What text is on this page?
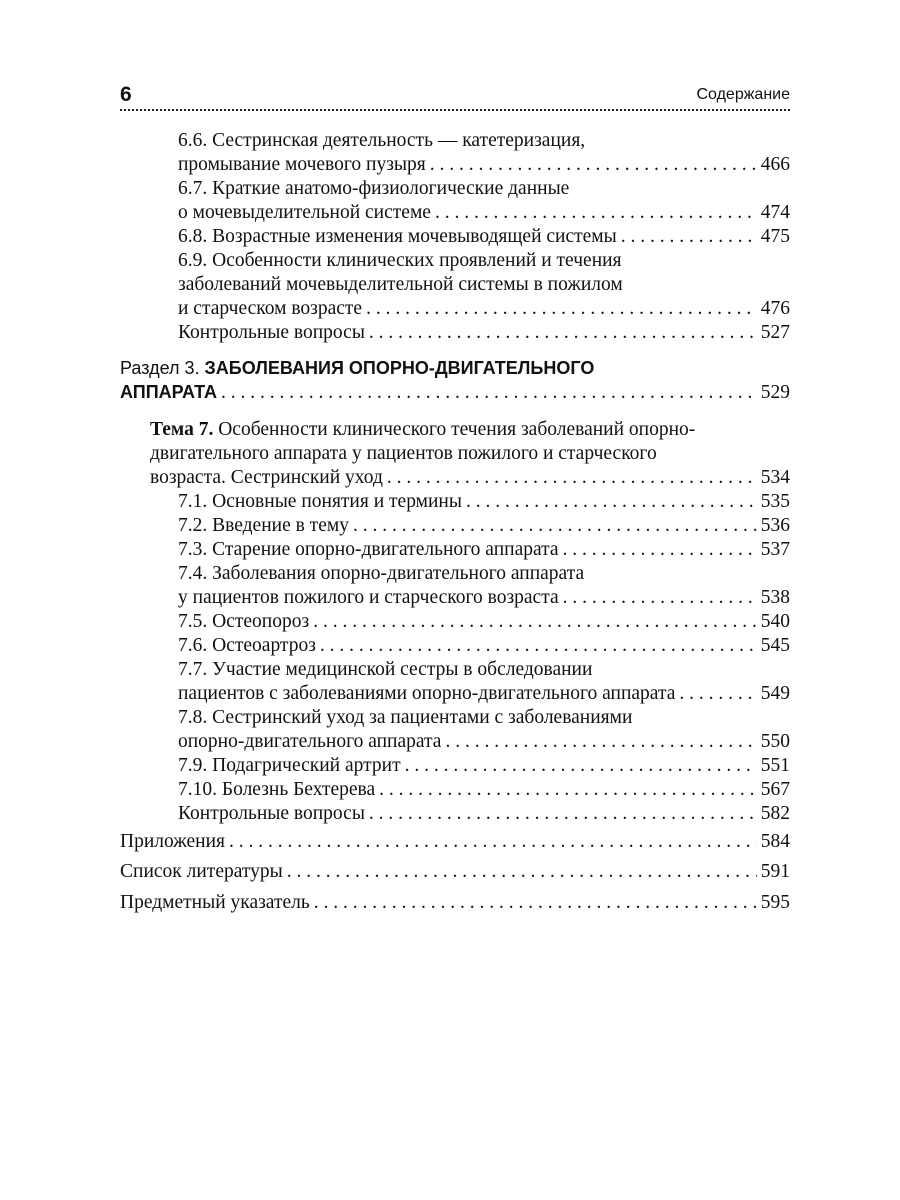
6	Содержание
6.6. Сестринская деятельность — катетеризация,
промывание мочевого пузыря . . .	466
6.7. Краткие анатомо-физиологические данные
о мочевыделительной системе . . .	474
6.8. Возрастные изменения мочевыводящей системы . . .	475
6.9. Особенности клинических проявлений и течения
заболеваний мочевыделительной системы в пожилом
и старческом возрасте . . .	476
Контрольные вопросы . . .	527
Раздел 3. ЗАБОЛЕВАНИЯ ОПОРНО-ДВИГАТЕЛЬНОГО
АППАРАТА . . .	529
Тема 7. Особенности клинического течения заболеваний опорно-
двигательного аппарата у пациентов пожилого и старческого
возраста. Сестринский уход . . .	534
7.1. Основные понятия и термины . . .	535
7.2. Введение в тему . . .	536
7.3. Старение опорно-двигательного аппарата . . .	537
7.4. Заболевания опорно-двигательного аппарата
у пациентов пожилого и старческого возраста . . .	538
7.5. Остеопороз . . .	540
7.6. Остеоартроз . . .	545
7.7. Участие медицинской сестры в обследовании
пациентов с заболеваниями опорно-двигательного аппарата . . .	549
7.8. Сестринский уход за пациентами с заболеваниями
опорно-двигательного аппарата . . .	550
7.9. Подагрический артрит . . .	551
7.10. Болезнь Бехтерева . . .	567
Контрольные вопросы . . .	582
Приложения . . .	584
Список литературы . . .	591
Предметный указатель . . .	595
